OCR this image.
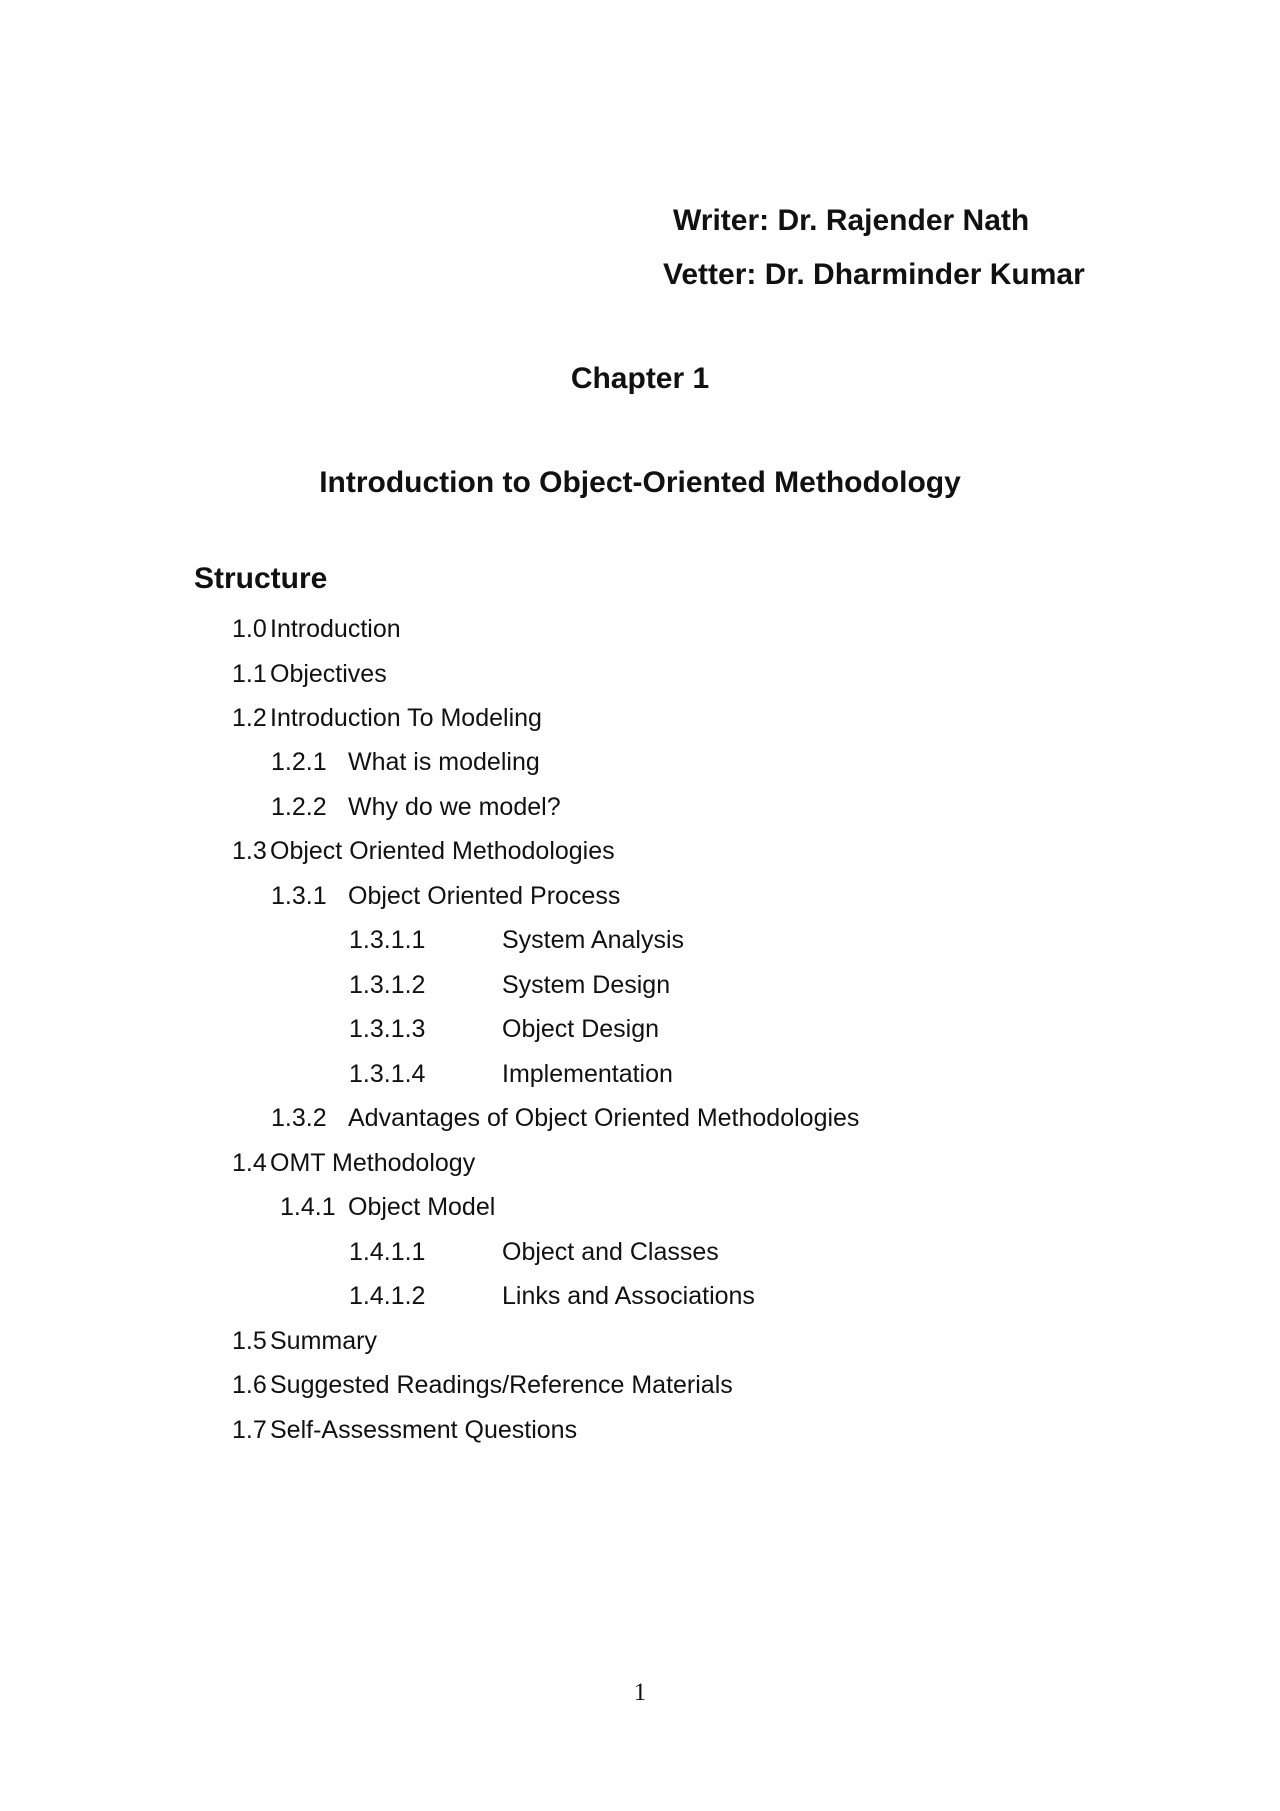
Writer: Dr. Rajender Nath
Vetter: Dr. Dharminder Kumar
Chapter 1
Introduction to Object-Oriented Methodology
Structure
1.0 Introduction
1.1 Objectives
1.2 Introduction To Modeling
1.2.1 What is modeling
1.2.2 Why do we model?
1.3 Object Oriented Methodologies
1.3.1 Object Oriented Process
1.3.1.1	System Analysis
1.3.1.2	System Design
1.3.1.3	Object Design
1.3.1.4	Implementation
1.3.2 Advantages of Object Oriented Methodologies
1.4 OMT Methodology
1.4.1 Object Model
1.4.1.1	Object and Classes
1.4.1.2	Links and Associations
1.5 Summary
1.6 Suggested Readings/Reference Materials
1.7 Self-Assessment Questions
1
